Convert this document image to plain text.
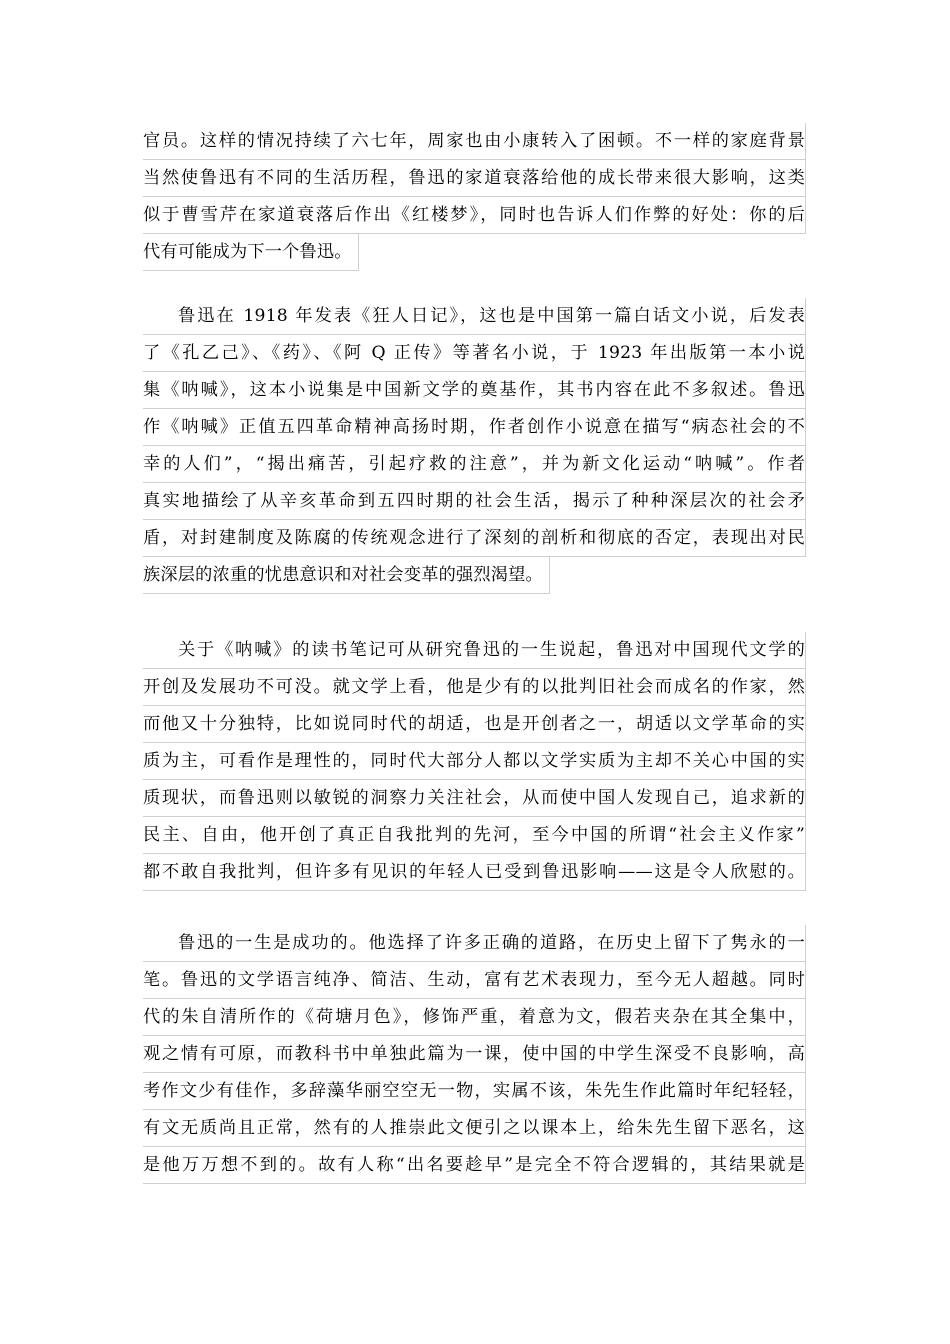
官员。这样的情况持续了六七年，周家也由小康转入了困顿。不一样的家庭背景
当然使鲁迅有不同的生活历程，鲁迅的家道衰落给他的成长带来很大影响，这类
似于曹雪芹在家道衰落后作出《红楼梦》，同时也告诉人们作弊的好处：你的后
代有可能成为下一个鲁迅。
鲁迅在 1918 年发表《狂人日记》，这也是中国第一篇白话文小说，后发表
了《孔乙己》、《药》、《阿 Q 正传》等著名小说，于 1923 年出版第一本小说
集《呐喊》，这本小说集是中国新文学的奠基作，其书内容在此不多叙述。鲁迅
作《呐喊》正值五四革命精神高扬时期，作者创作小说意在描写“病态社会的不
幸的人们”，“揭出痛苦，引起疗救的注意”，并为新文化运动“呐喊”。作者
真实地描绘了从辛亥革命到五四时期的社会生活，揭示了种种深层次的社会矛
盾，对封建制度及陈腐的传统观念进行了深刻的剖析和彻底的否定，表现出对民
族深层的浓重的忧患意识和对社会变革的强烈渴望。
关于《呐喊》的读书笔记可从研究鲁迅的一生说起，鲁迅对中国现代文学的
开创及发展功不可没。就文学上看，他是少有的以批判旧社会而成名的作家，然
而他又十分独特，比如说同时代的胡适，也是开创者之一，胡适以文学革命的实
质为主，可看作是理性的，同时代大部分人都以文学实质为主却不关心中国的实
质现状，而鲁迅则以敏锐的洞察力关注社会，从而使中国人发现自己，追求新的
民主、自由，他开创了真正自我批判的先河，至今中国的所谓“社会主义作家”
都不敢自我批判，但许多有见识的年轻人已受到鲁迅影响——这是令人欣慰的。
鲁迅的一生是成功的。他选择了许多正确的道路，在历史上留下了隽永的一
笔。鲁迅的文学语言纯净、简洁、生动，富有艺术表现力，至今无人超越。同时
代的朱自清所作的《荷塘月色》，修饰严重，着意为文，假若夹杂在其全集中，
观之情有可原，而教科书中单独此篇为一课，使中国的中学生深受不良影响，高
考作文少有佳作，多辞藻华丽空空无一物，实属不该，朱先生作此篇时年纪轻轻，
有文无质尚且正常，然有的人推崇此文便引之以课本上，给朱先生留下恶名，这
是他万万想不到的。故有人称“出名要趁早”是完全不符合逻辑的，其结果就是
